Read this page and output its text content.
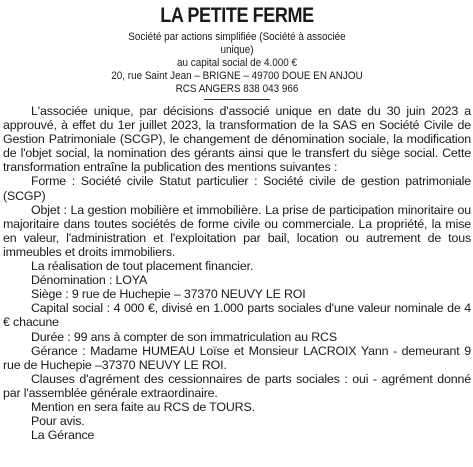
LA PETITE FERME
Société par actions simplifiée (Société à associée
unique)
au capital social de 4.000 €
20, rue Saint Jean – BRIGNE – 49700 DOUE EN ANJOU
RCS ANGERS 838 043 966

L'associée unique, par décisions d'associé unique en date du 30 juin 2023 a approuvé, à effet du 1er juillet 2023, la transformation de la SAS en Société Civile de Gestion Patrimoniale (SCGP), le changement de dénomination sociale, la modification de l'objet social, la nomination des gérants ainsi que le transfert du siège social. Cette transformation entraîne la publication des mentions suivantes :

Forme : Société civile Statut particulier : Société civile de gestion patrimoniale (SCGP)

Objet : La gestion mobilière et immobilière. La prise de participation minoritaire ou majoritaire dans toutes sociétés de forme civile ou commerciale. La propriété, la mise en valeur, l'administration et l'exploitation par bail, location ou autrement de tous immeubles et droits immobiliers.

La réalisation de tout placement financier.

Dénomination : LOYA

Siège : 9 rue de Huchepie – 37370 NEUVY LE ROI

Capital social : 4 000 €, divisé en 1.000 parts sociales d'une valeur nominale de 4 € chacune

Durée : 99 ans à compter de son immatriculation au RCS

Gérance : Madame HUMEAU Loïse et Monsieur LACROIX Yann - demeurant 9 rue de Huchepie –37370 NEUVY LE ROI.

Clauses d'agrément des cessionnaires de parts sociales : oui - agrément donné par l'assemblée générale extraordinaire.

Mention en sera faite au RCS de TOURS.

Pour avis.

La Gérance
